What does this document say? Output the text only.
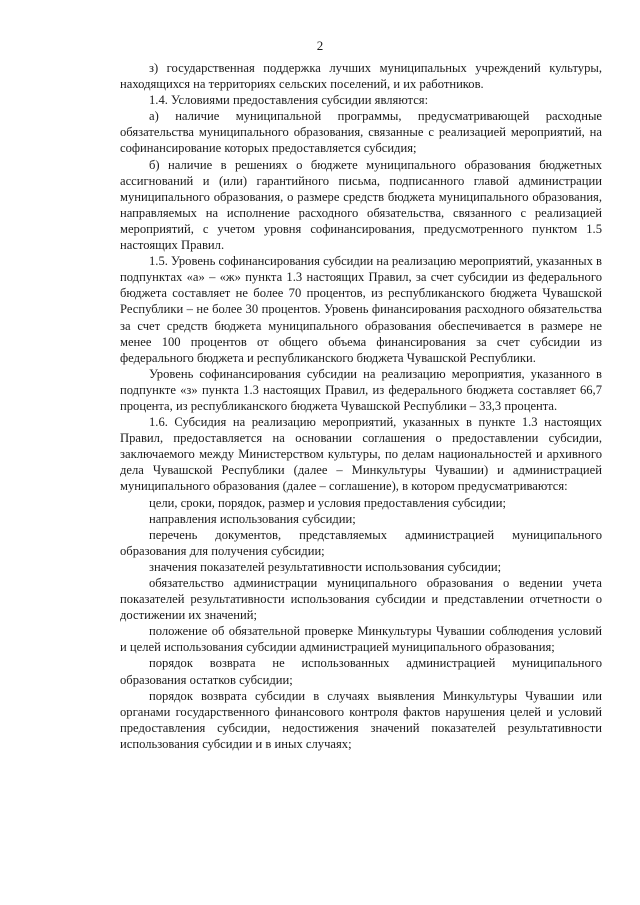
2

з) государственная поддержка лучших муниципальных учреждений культуры, находящихся на территориях сельских поселений, и их работников.

1.4. Условиями предоставления субсидии являются:

а) наличие муниципальной программы, предусматривающей расходные обязательства муниципального образования, связанные с реализацией мероприятий, на софинансирование которых предоставляется субсидия;

б) наличие в решениях о бюджете муниципального образования бюджетных ассигнований и (или) гарантийного письма, подписанного главой администрации муниципального образования, о размере средств бюджета муниципального образования, направляемых на исполнение расходного обязательства, связанного с реализацией мероприятий, с учетом уровня софинансирования, предусмотренного пунктом 1.5 настоящих Правил.

1.5. Уровень софинансирования субсидии на реализацию мероприятий, указанных в подпунктах «а» – «ж» пункта 1.3 настоящих Правил, за счет субсидии из федерального бюджета составляет не более 70 процентов, из республиканского бюджета Чувашской Республики – не более 30 процентов. Уровень финансирования расходного обязательства за счет средств бюджета муниципального образования обеспечивается в размере не менее 100 процентов от общего объема финансирования за счет субсидии из федерального бюджета и республиканского бюджета Чувашской Республики.

Уровень софинансирования субсидии на реализацию мероприятия, указанного в подпункте «з» пункта 1.3 настоящих Правил, из федерального бюджета составляет 66,7 процента, из республиканского бюджета Чувашской Республики – 33,3 процента.

1.6. Субсидия на реализацию мероприятий, указанных в пункте 1.3 настоящих Правил, предоставляется на основании соглашения о предоставлении субсидии, заключаемого между Министерством культуры, по делам национальностей и архивного дела Чувашской Республики (далее – Минкультуры Чувашии) и администрацией муниципального образования (далее – соглашение), в котором предусматриваются:

цели, сроки, порядок, размер и условия предоставления субсидии;

направления использования субсидии;

перечень документов, представляемых администрацией муниципального образования для получения субсидии;

значения показателей результативности использования субсидии;

обязательство администрации муниципального образования о ведении учета показателей результативности использования субсидии и представлении отчетности о достижении их значений;

положение об обязательной проверке Минкультуры Чувашии соблюдения условий и целей использования субсидии администрацией муниципального образования;

порядок возврата не использованных администрацией муниципального образования остатков субсидии;

порядок возврата субсидии в случаях выявления Минкультуры Чувашии или органами государственного финансового контроля фактов нарушения целей и условий предоставления субсидии, недостижения значений показателей результативности использования субсидии и в иных случаях;
